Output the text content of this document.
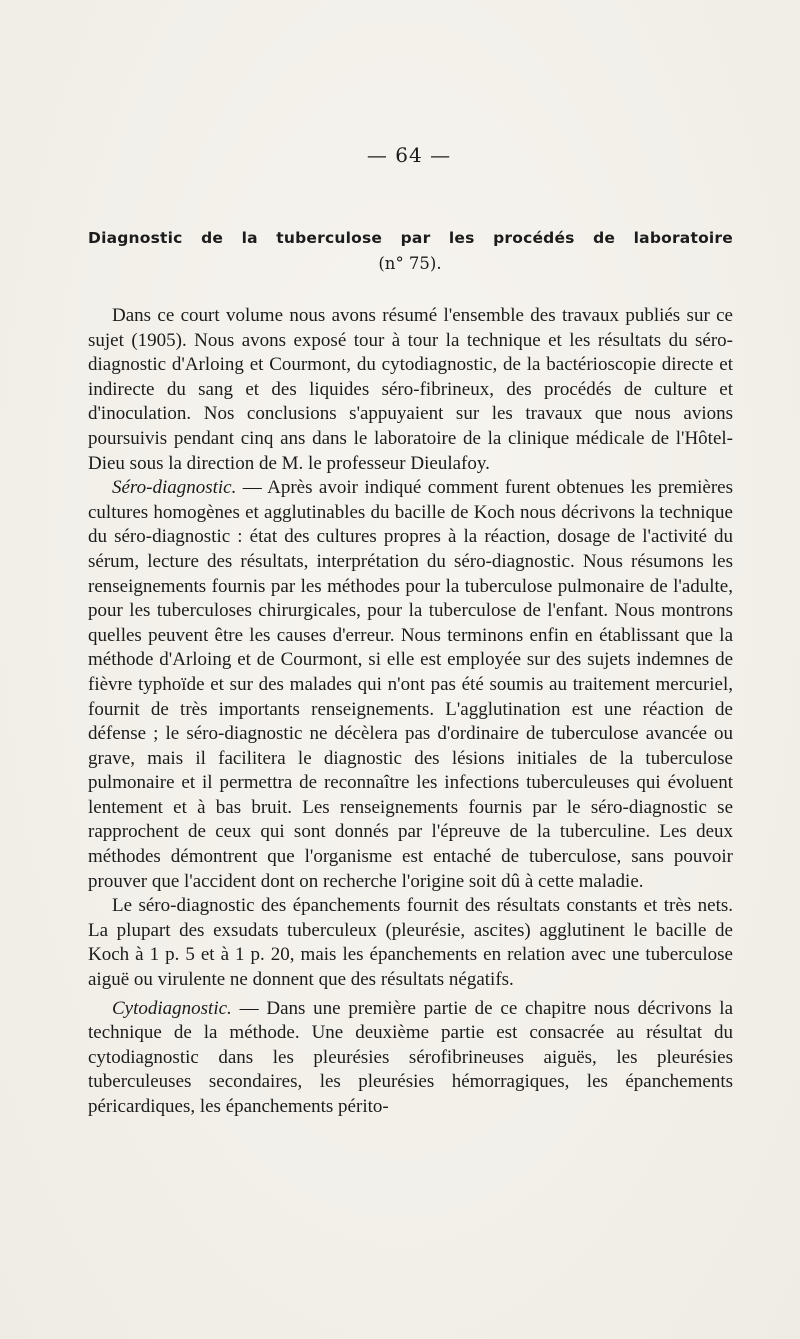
— 64 —
Diagnostic de la tuberculose par les procédés de laboratoire
(n° 75).

Dans ce court volume nous avons résumé l'ensemble des travaux publiés sur ce sujet (1905). Nous avons exposé tour à tour la technique et les résultats du séro-diagnostic d'Arloing et Courmont, du cytodiagnostic, de la bactérioscopie directe et indirecte du sang et des liquides séro-fibrineux, des procédés de culture et d'inoculation. Nos conclusions s'appuyaient sur les travaux que nous avions poursuivis pendant cinq ans dans le laboratoire de la clinique médicale de l'Hôtel-Dieu sous la direction de M. le professeur Dieulafoy.

Séro-diagnostic. — Après avoir indiqué comment furent obtenues les premières cultures homogènes et agglutinables du bacille de Koch nous décrivons la technique du séro-diagnostic : état des cultures propres à la réaction, dosage de l'activité du sérum, lecture des résultats, interprétation du séro-diagnostic. Nous résumons les renseignements fournis par les méthodes pour la tuberculose pulmonaire de l'adulte, pour les tuberculoses chirurgicales, pour la tuberculose de l'enfant. Nous montrons quelles peuvent être les causes d'erreur. Nous terminons enfin en établissant que la méthode d'Arloing et de Courmont, si elle est employée sur des sujets indemnes de fièvre typhoïde et sur des malades qui n'ont pas été soumis au traitement mercuriel, fournit de très importants renseignements. L'agglutination est une réaction de défense ; le séro-diagnostic ne décèlera pas d'ordinaire de tuberculose avancée ou grave, mais il facilitera le diagnostic des lésions initiales de la tuberculose pulmonaire et il permettra de reconnaître les infections tuberculeuses qui évoluent lentement et à bas bruit. Les renseignements fournis par le séro-diagnostic se rapprochent de ceux qui sont donnés par l'épreuve de la tuberculine. Les deux méthodes démontrent que l'organisme est entaché de tuberculose, sans pouvoir prouver que l'accident dont on recherche l'origine soit dû à cette maladie.

Le séro-diagnostic des épanchements fournit des résultats constants et très nets. La plupart des exsudats tuberculeux (pleurésie, ascites) agglutinent le bacille de Koch à 1 p. 5 et à 1 p. 20, mais les épanchements en relation avec une tuberculose aiguë ou virulente ne donnent que des résultats négatifs.

Cytodiagnostic. — Dans une première partie de ce chapitre nous décrivons la technique de la méthode. Une deuxième partie est consacrée au résultat du cytodiagnostic dans les pleurésies sérofibrineuses aiguës, les pleurésies tuberculeuses secondaires, les pleurésies hémorragiques, les épanchements péricardiques, les épanchements périto-
